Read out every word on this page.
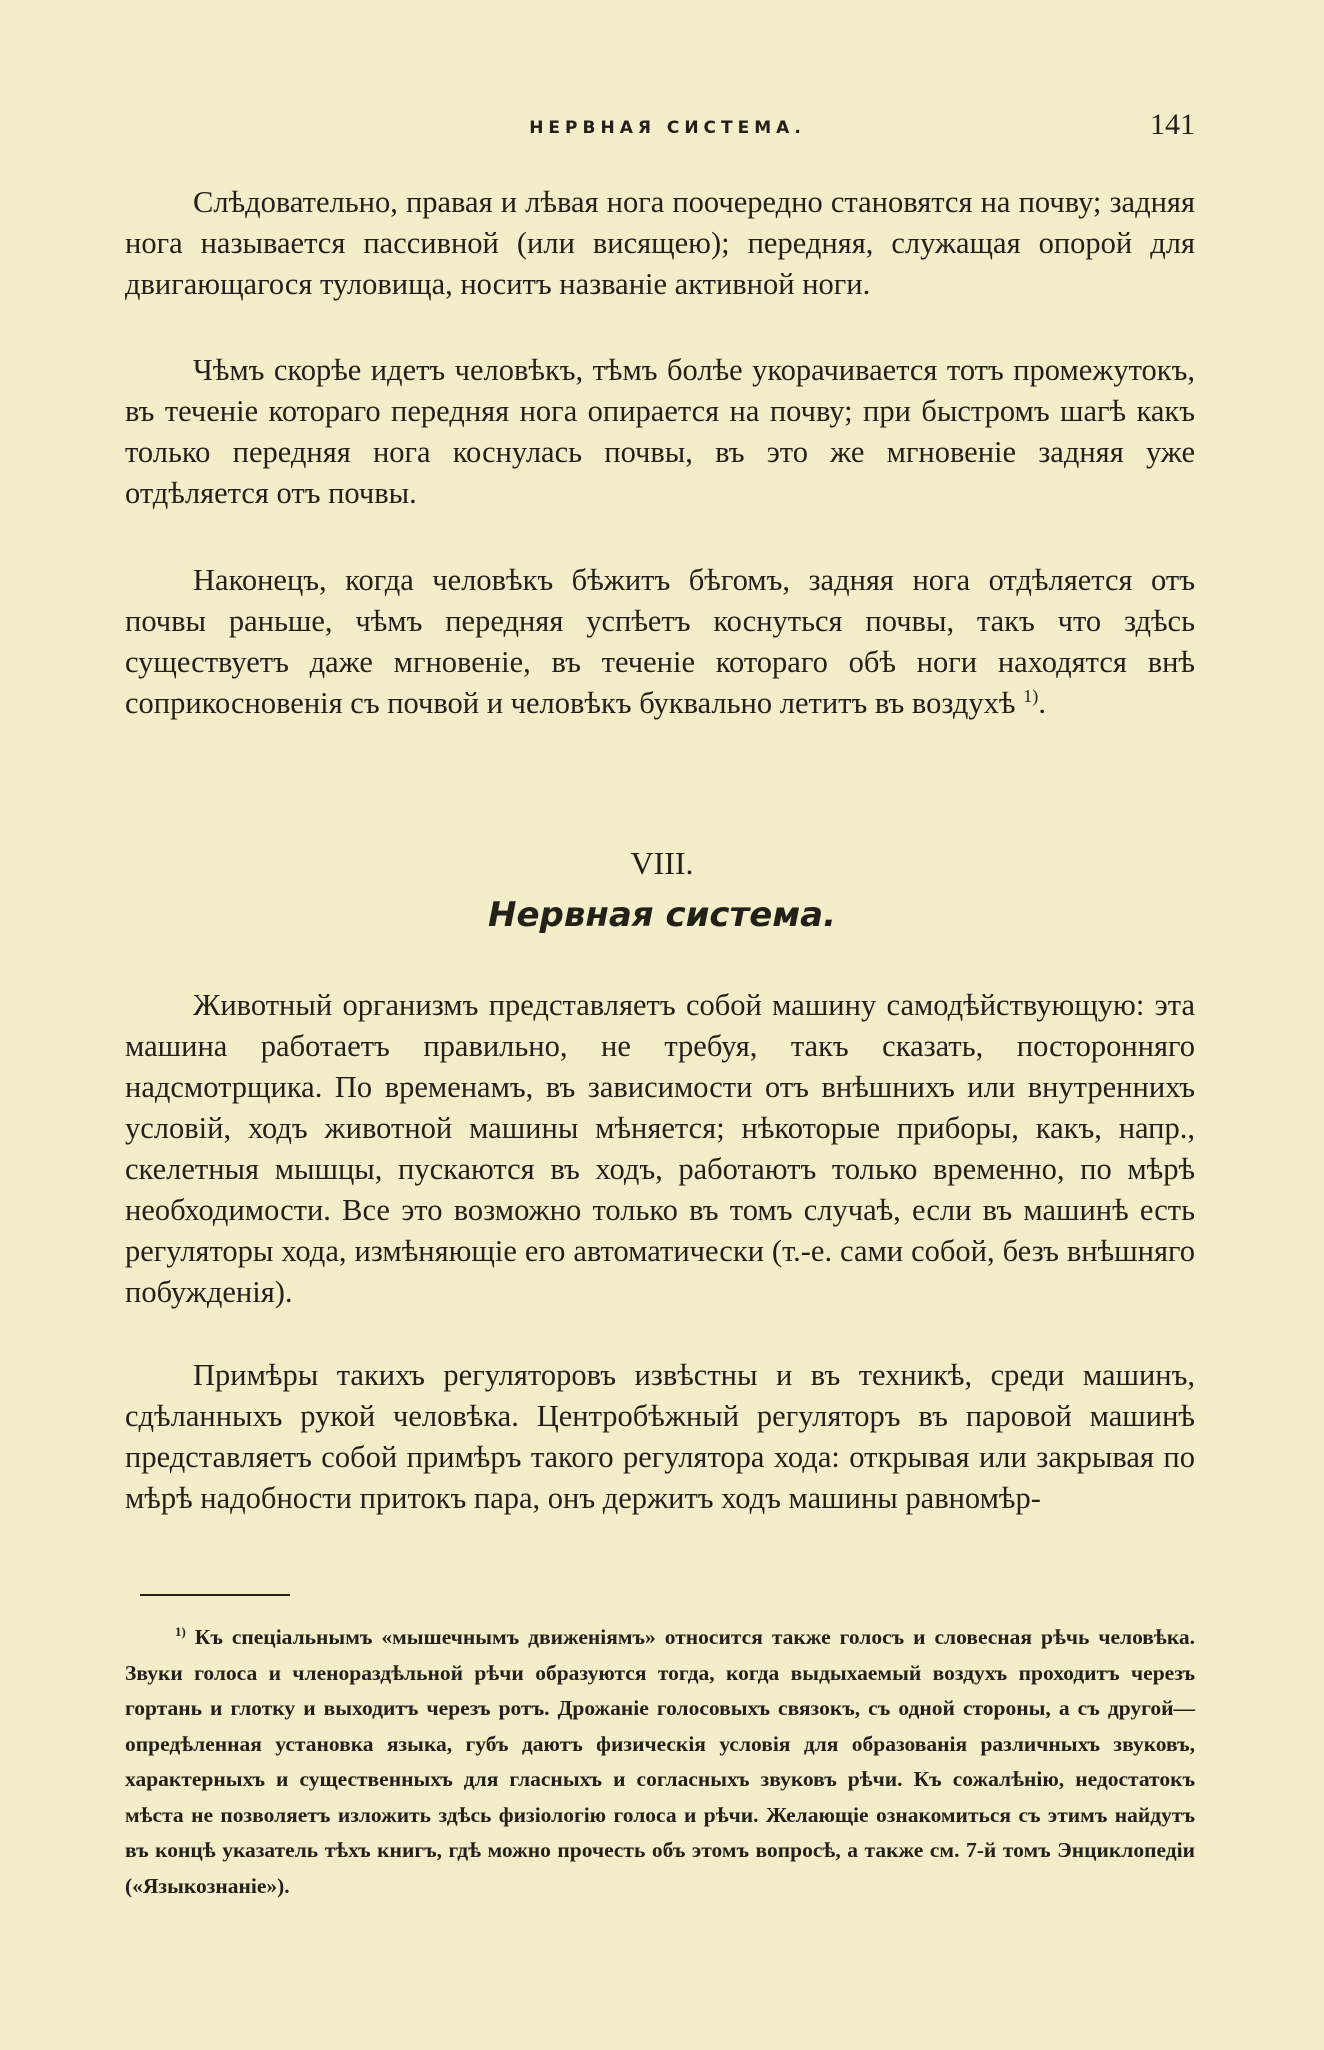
НЕРВНАЯ СИСТЕМА.	141

Слѣдовательно, правая и лѣвая нога поочередно становятся на почву; задняя нога называется пассивной (или висящею); передняя, служащая опорой для двигающагося туловища, носитъ названіе активной ноги.

Чѣмъ скорѣе идетъ человѣкъ, тѣмъ болѣе укорачивается тотъ промежутокъ, въ теченіе котораго передняя нога опирается на почву; при быстромъ шагѣ какъ только передняя нога коснулась почвы, въ это же мгновеніе задняя уже отдѣляется отъ почвы.

Наконецъ, когда человѣкъ бѣжитъ бѣгомъ, задняя нога отдѣляется отъ почвы раньше, чѣмъ передняя успѣетъ коснуться почвы, такъ что здѣсь существуетъ даже мгновеніе, въ теченіе котораго обѣ ноги находятся внѣ соприкосновенія съ почвой и человѣкъ буквально летитъ въ воздухѣ $^{1)}$.

VIII.

Нервная система.

Животный организмъ представляетъ собой машину самодѣйствующую: эта машина работаетъ правильно, не требуя, такъ сказать, посторонняго надсмотрщика. По временамъ, въ зависимости отъ внѣшнихъ или внутреннихъ условій, ходъ животной машины мѣняется; нѣкоторые приборы, какъ, напр., скелетныя мышцы, пускаются въ ходъ, работаютъ только временно, по мѣрѣ необходимости. Все это возможно только въ томъ случаѣ, если въ машинѣ есть регуляторы хода, измѣняющіе его автоматически (т.-е. сами собой, безъ внѣшняго побужденія).

Примѣры такихъ регуляторовъ извѣстны и въ техникѣ, среди машинъ, сдѣланныхъ рукой человѣка. Центробѣжный регуляторъ въ паровой машинѣ представляетъ собой примѣръ такого регулятора хода: открывая или закрывая по мѣрѣ надобности притокъ пара, онъ держитъ ходъ машины равномѣр-

$^{1)}$ Къ спеціальнымъ «мышечнымъ движеніямъ» относится также голосъ и словесная рѣчь человѣка. Звуки голоса и членораздѣльной рѣчи образуются тогда, когда выдыхаемый воздухъ проходитъ черезъ гортань и глотку и выходитъ черезъ ротъ. Дрожаніе голосовыхъ связокъ, съ одной стороны, а съ другой—опредѣленная установка языка, губъ даютъ физическія условія для образованія различныхъ звуковъ, характерныхъ и существенныхъ для гласныхъ и согласныхъ звуковъ рѣчи. Къ сожалѣнію, недостатокъ мѣста не позволяетъ изложить здѣсь физіологію голоса и рѣчи. Желающіе ознакомиться съ этимъ найдутъ въ концѣ указатель тѣхъ книгъ, гдѣ можно прочесть объ этомъ вопросѣ, а также см. 7-й томъ Энциклопедіи («Языкознаніе»).
